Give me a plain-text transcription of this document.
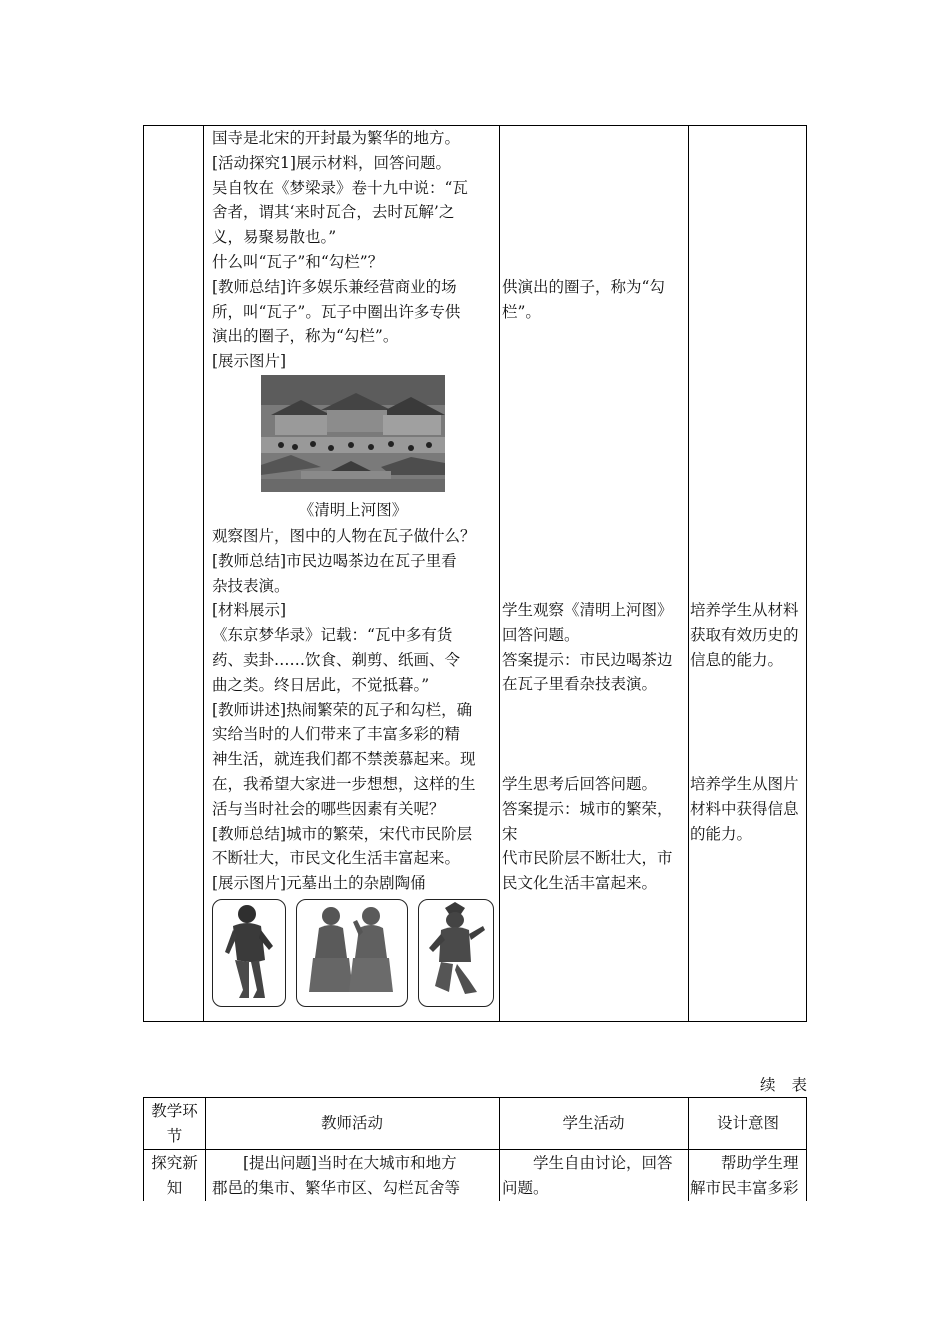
国寺是北宋的开封最为繁华的地方。

[活动探究1]展示材料，回答问题。

吴自牧在《梦梁录》卷十九中说：“瓦

舍者，谓其‘来时瓦合，去时瓦解’之

义，易聚易散也。”

什么叫“瓦子”和“勾栏”？

[教师总结]许多娱乐兼经营商业的场

所，叫“瓦子”。瓦子中圈出许多专供

演出的圈子，称为“勾栏”。

[展示图片]

《清明上河图》

观察图片，图中的人物在瓦子做什么？

[教师总结]市民边喝茶边在瓦子里看

杂技表演。

[材料展示]

《东京梦华录》记载：“瓦中多有货

药、卖卦……饮食、剃剪、纸画、令

曲之类。终日居此，不觉抵暮。”

[教师讲述]热闹繁荣的瓦子和勾栏，确

实给当时的人们带来了丰富多彩的精

神生活，就连我们都不禁羡慕起来。现

在，我希望大家进一步想想，这样的生

活与当时社会的哪些因素有关呢？

[教师总结]城市的繁荣，宋代市民阶层

不断壮大，市民文化生活丰富起来。

[展示图片]元墓出土的杂剧陶俑

供演出的圈子，称为“勾

栏”。

学生观察《清明上河图》

回答问题。

答案提示：市民边喝茶边

在瓦子里看杂技表演。

学生思考后回答问题。

答案提示：城市的繁荣，宋

代市民阶层不断壮大，市

民文化生活丰富起来。

培养学生从材料

获取有效历史的

信息的能力。

培养学生从图片

材料中获得信息

的能力。

续表
教学环
节
教师活动	学生活动	设计意图
探究新
知
[提出问题]当时在大城市和地方
郡邑的集市、繁华市区、勾栏瓦舍等
学生自由讨论，回答
问题。
帮助学生理
解市民丰富多彩
